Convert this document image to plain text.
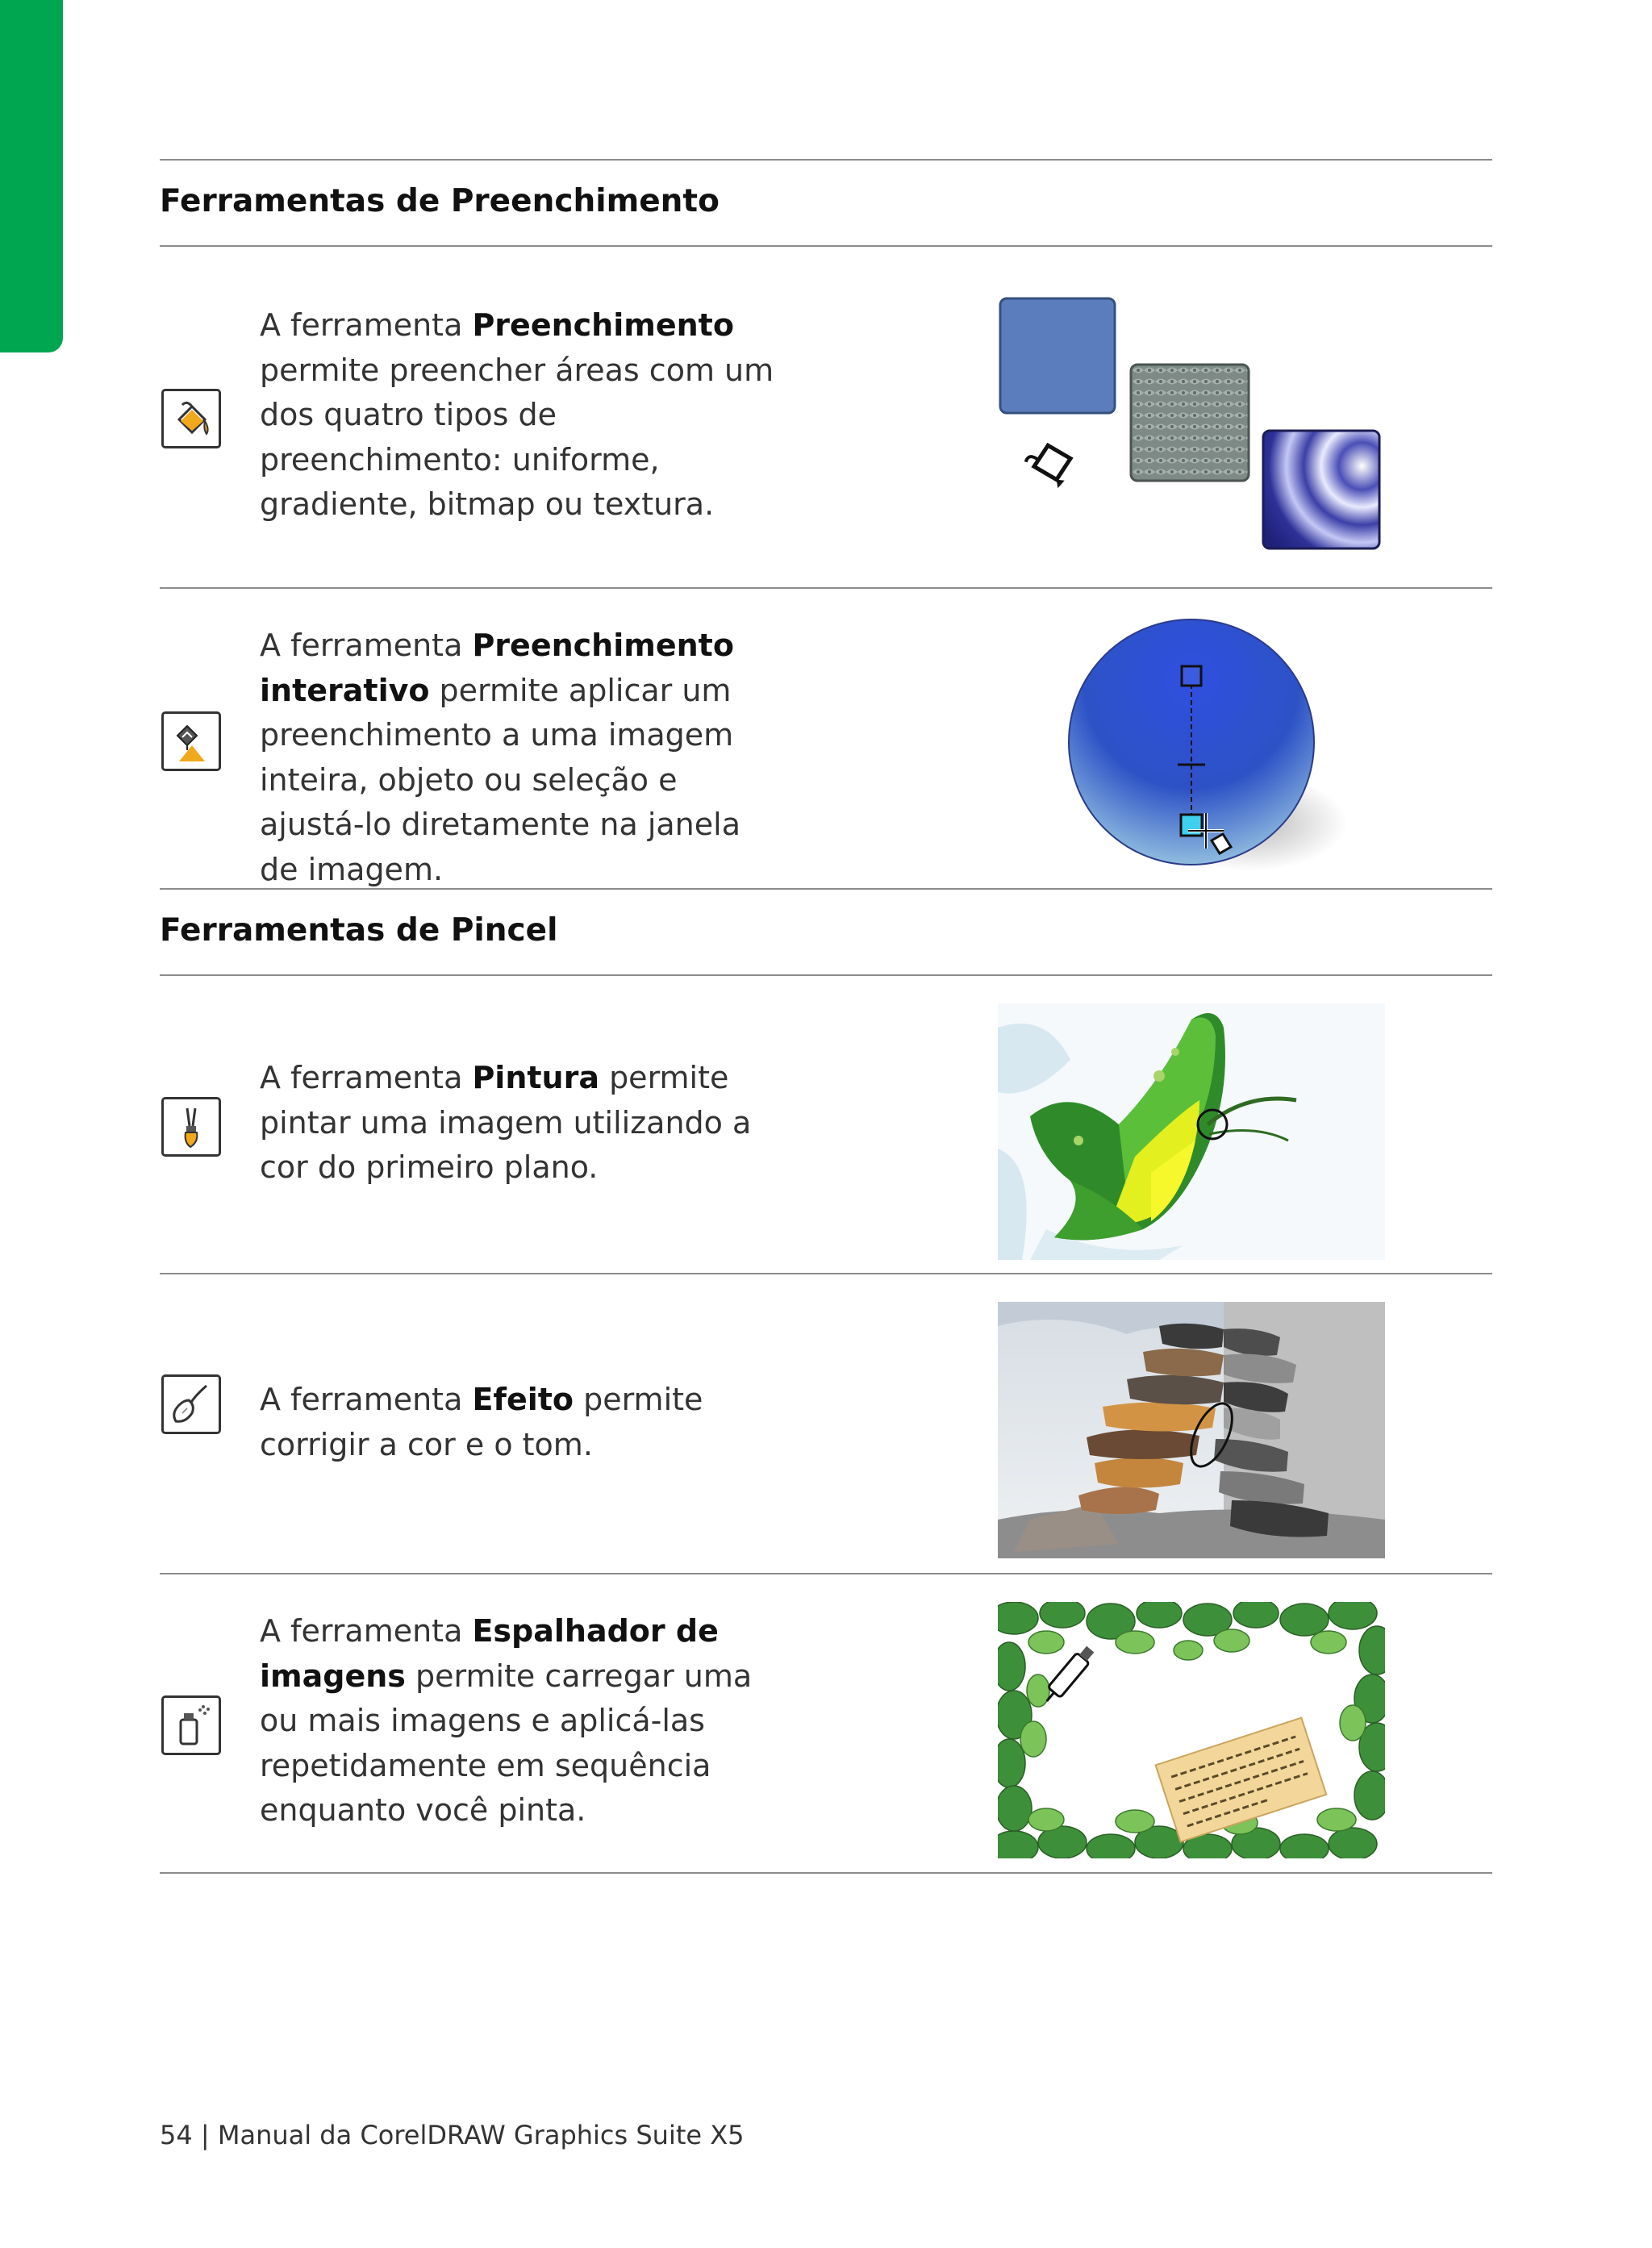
Ferramentas de Preenchimento

A ferramenta Preenchimento permite preencher áreas com um dos quatro tipos de preenchimento: uniforme, gradiente, bitmap ou textura.

A ferramenta Preenchimento interativo permite aplicar um preenchimento a uma imagem inteira, objeto ou seleção e ajustá-lo diretamente na janela de imagem.

Ferramentas de Pincel

A ferramenta Pintura permite pintar uma imagem utilizando a cor do primeiro plano.

A ferramenta Efeito permite corrigir a cor e o tom.

A ferramenta Espalhador de imagens permite carregar uma ou mais imagens e aplicá-las repetidamente em sequência enquanto você pinta.

54 | Manual da CorelDRAW Graphics Suite X5
